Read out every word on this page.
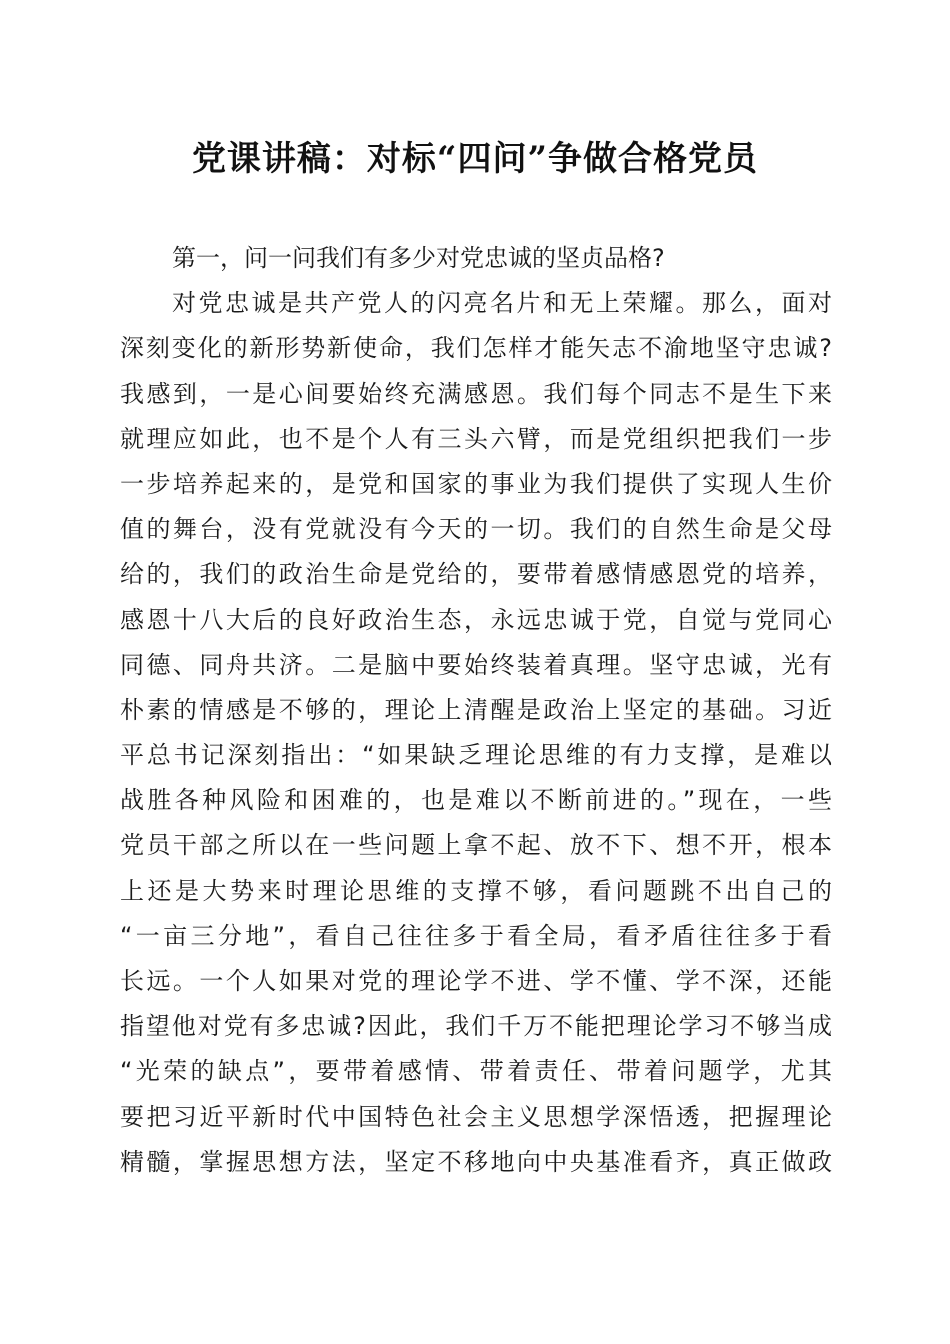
党课讲稿：对标“四问”争做合格党员
第一，问一问我们有多少对党忠诚的坚贞品格?
对党忠诚是共产党人的闪亮名片和无上荣耀。那么，面对
深刻变化的新形势新使命，我们怎样才能矢志不渝地坚守忠诚?
我感到，一是心间要始终充满感恩。我们每个同志不是生下来
就理应如此，也不是个人有三头六臂，而是党组织把我们一步
一步培养起来的，是党和国家的事业为我们提供了实现人生价
值的舞台，没有党就没有今天的一切。我们的自然生命是父母
给的，我们的政治生命是党给的，要带着感情感恩党的培养，
感恩十八大后的良好政治生态，永远忠诚于党，自觉与党同心
同德、同舟共济。二是脑中要始终装着真理。坚守忠诚，光有
朴素的情感是不够的，理论上清醒是政治上坚定的基础。习近
平总书记深刻指出：“如果缺乏理论思维的有力支撑，是难以
战胜各种风险和困难的，也是难以不断前进的。”现在，一些
党员干部之所以在一些问题上拿不起、放不下、想不开，根本
上还是大势来时理论思维的支撑不够，看问题跳不出自己的
“一亩三分地”，看自己往往多于看全局，看矛盾往往多于看
长远。一个人如果对党的理论学不进、学不懂、学不深，还能
指望他对党有多忠诚?因此，我们千万不能把理论学习不够当成
“光荣的缺点”，要带着感情、带着责任、带着问题学，尤其
要把习近平新时代中国特色社会主义思想学深悟透，把握理论
精髓，掌握思想方法，坚定不移地向中央基准看齐，真正做政
